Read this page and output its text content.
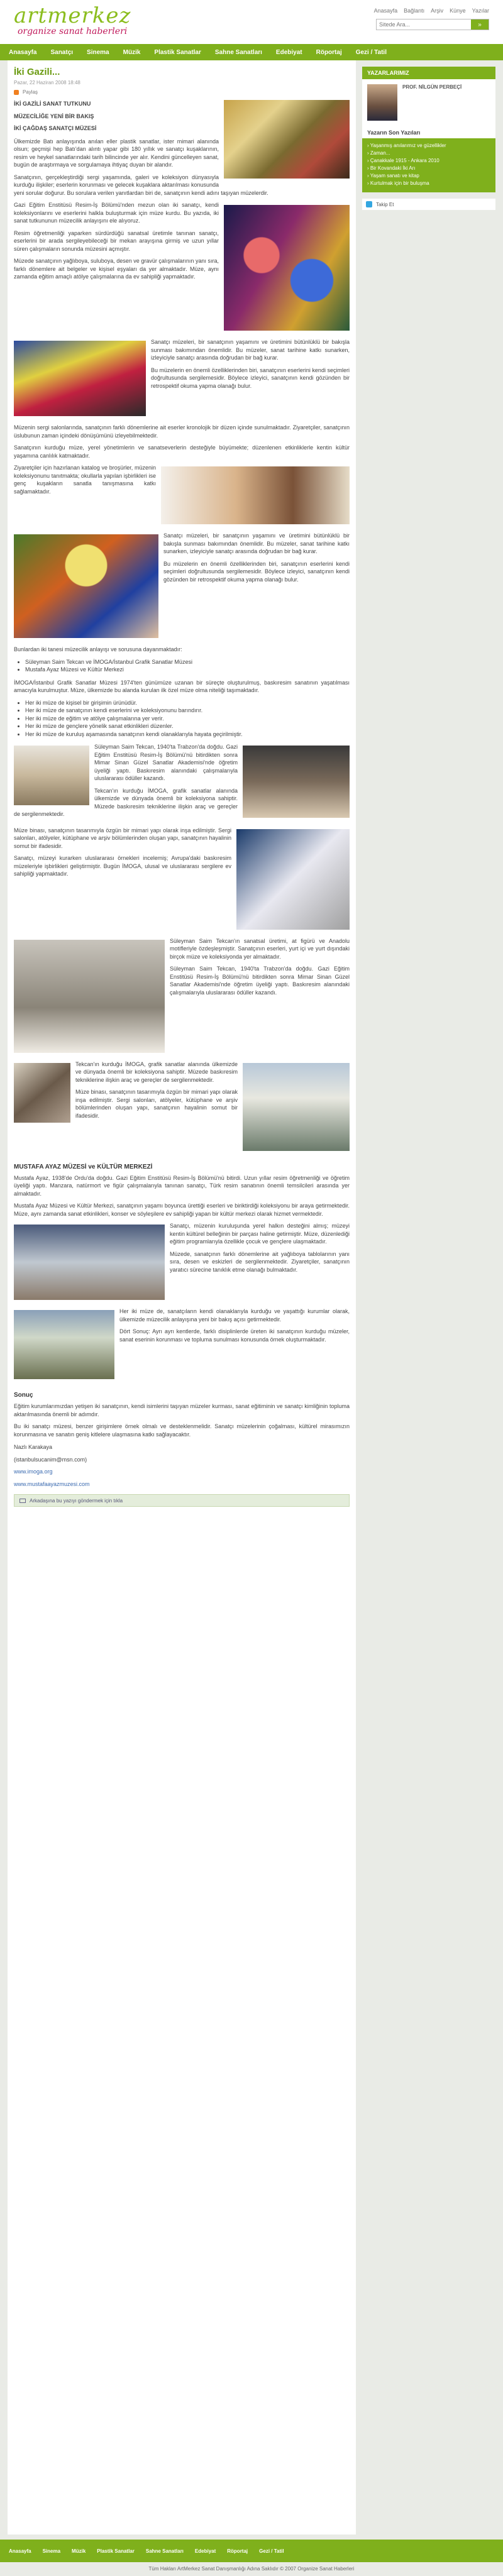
artmerkez
organize sanat haberleri
Anasayfa Bağlantı Arşiv Künye Yazılar
Sitede Ara...
»
Anasayfa Sanatçı Sinema Müzik Plastik Sanatlar Sahne Sanatları Edebiyat Röportaj Gezi / Tatil
İki Gazili...
Pazar, 22 Haziran 2008 18:48
Paylaş

İKİ GAZİLİ SANAT TUTKUNU

MÜZECİLİĞE YENİ BİR BAKIŞ

İKİ ÇAĞDAŞ SANATÇI MÜZESİ

Ülkemizde Batı anlayışında anılan eller plastik sanatlar, ister mimari alanında olsun; geçmişi hep Batı'dan alıntı yapar gibi 180 yıllık ve sanatçı kuşaklarının, resim ve heykel sanatlarındaki tarih bilincinde yer alır. Kendini güncelleyen sanat, bugün de araştırmaya ve sorgulamaya ihtiyaç duyan bir alandır.

Sanatçının, gerçekleştirdiği sergi yaşamında, galeri ve koleksiyon dünyasıyla kurduğu ilişkiler; eserlerin korunması ve gelecek kuşaklara aktarılması konusunda yeni sorular doğurur. Bu sorulara verilen yanıtlardan biri de, sanatçının kendi adını taşıyan müzelerdir.

Gazi Eğitim Enstitüsü Resim-İş Bölümü'nden mezun olan iki sanatçı, kendi koleksiyonlarını ve eserlerini halkla buluşturmak için müze kurdu. Bu yazıda, iki sanat tutkununun müzecilik anlayışını ele alıyoruz.

Resim öğretmenliği yaparken sürdürdüğü sanatsal üretimle tanınan sanatçı, eserlerini bir arada sergileyebileceği bir mekan arayışına girmiş ve uzun yıllar süren çalışmaların sonunda müzesini açmıştır.

Müzede sanatçının yağlıboya, suluboya, desen ve gravür çalışmalarının yanı sıra, farklı dönemlere ait belgeler ve kişisel eşyaları da yer almaktadır. Müze, aynı zamanda eğitim amaçlı atölye çalışmalarına da ev sahipliği yapmaktadır.

Sanatçı müzeleri, bir sanatçının yaşamını ve üretimini bütünlüklü bir bakışla sunması bakımından önemlidir. Bu müzeler, sanat tarihine katkı sunarken, izleyiciyle sanatçı arasında doğrudan bir bağ kurar.

Bu müzelerin en önemli özelliklerinden biri, sanatçının eserlerini kendi seçimleri doğrultusunda sergilemesidir. Böylece izleyici, sanatçının kendi gözünden bir retrospektif okuma yapma olanağı bulur.

Müzenin sergi salonlarında, sanatçının farklı dönemlerine ait eserler kronolojik bir düzen içinde sunulmaktadır. Ziyaretçiler, sanatçının üslubunun zaman içindeki dönüşümünü izleyebilmektedir.

Sanatçının kurduğu müze, yerel yönetimlerin ve sanatseverlerin desteğiyle büyümekte; düzenlenen etkinliklerle kentin kültür yaşamına canlılık katmaktadır.

Ziyaretçiler için hazırlanan katalog ve broşürler, müzenin koleksiyonunu tanıtmakta; okullarla yapılan işbirlikleri ise genç kuşakların sanatla tanışmasına katkı sağlamaktadır.

Sanatçı müzeleri, bir sanatçının yaşamını ve üretimini bütünlüklü bir bakışla sunması bakımından önemlidir. Bu müzeler, sanat tarihine katkı sunarken, izleyiciyle sanatçı arasında doğrudan bir bağ kurar.

Bu müzelerin en önemli özelliklerinden biri, sanatçının eserlerini kendi seçimleri doğrultusunda sergilemesidir. Böylece izleyici, sanatçının kendi gözünden bir retrospektif okuma yapma olanağı bulur.

Bunlardan iki tanesi müzecilik anlayışı ve sorusuna dayanmaktadır:

• Süleyman Saim Tekcan ve İMOGA/İstanbul Grafik Sanatlar Müzesi
• Mustafa Ayaz Müzesi ve Kültür Merkezi

İMOGA/İstanbul Grafik Sanatlar Müzesi 1974'ten günümüze uzanan bir süreçte oluşturulmuş, baskıresim sanatının yaşatılması amacıyla kurulmuştur. Müze, ülkemizde bu alanda kurulan ilk özel müze olma niteliği taşımaktadır.

• Her iki müze de kişisel bir girişimin ürünüdür.
• Her iki müze de sanatçının kendi eserlerini ve koleksiyonunu barındırır.
• Her iki müze de eğitim ve atölye çalışmalarına yer verir.
• Her iki müze de gençlere yönelik sanat etkinlikleri düzenler.
• Her iki müze de kuruluş aşamasında sanatçının kendi olanaklarıyla hayata geçirilmiştir.

Süleyman Saim Tekcan, 1940'ta Trabzon'da doğdu. Gazi Eğitim Enstitüsü Resim-İş Bölümü'nü bitirdikten sonra Mimar Sinan Güzel Sanatlar Akademisi'nde öğretim üyeliği yaptı. Baskıresim alanındaki çalışmalarıyla uluslararası ödüller kazandı.

Tekcan'ın kurduğu İMOGA, grafik sanatlar alanında ülkemizde ve dünyada önemli bir koleksiyona sahiptir. Müzede baskıresim tekniklerine ilişkin araç ve gereçler de sergilenmektedir.

Müze binası, sanatçının tasarımıyla özgün bir mimari yapı olarak inşa edilmiştir. Sergi salonları, atölyeler, kütüphane ve arşiv bölümlerinden oluşan yapı, sanatçının hayalinin somut bir ifadesidir.

Sanatçı, müzeyi kurarken uluslararası örnekleri incelemiş; Avrupa'daki baskıresim müzeleriyle işbirlikleri geliştirmiştir. Bugün İMOGA, ulusal ve uluslararası sergilere ev sahipliği yapmaktadır.

Süleyman Saim Tekcan'ın sanatsal üretimi, at figürü ve Anadolu motifleriyle özdeşleşmiştir. Sanatçının eserleri, yurt içi ve yurt dışındaki birçok müze ve koleksiyonda yer almaktadır.

Süleyman Saim Tekcan, 1940'ta Trabzon'da doğdu. Gazi Eğitim Enstitüsü Resim-İş Bölümü'nü bitirdikten sonra Mimar Sinan Güzel Sanatlar Akademisi'nde öğretim üyeliği yaptı. Baskıresim alanındaki çalışmalarıyla uluslararası ödüller kazandı.

Tekcan'ın kurduğu İMOGA, grafik sanatlar alanında ülkemizde ve dünyada önemli bir koleksiyona sahiptir. Müzede baskıresim tekniklerine ilişkin araç ve gereçler de sergilenmektedir.

Müze binası, sanatçının tasarımıyla özgün bir mimari yapı olarak inşa edilmiştir. Sergi salonları, atölyeler, kütüphane ve arşiv bölümlerinden oluşan yapı, sanatçının hayalinin somut bir ifadesidir.

MUSTAFA AYAZ MÜZESİ ve KÜLTÜR MERKEZİ

Mustafa Ayaz, 1938'de Ordu'da doğdu. Gazi Eğitim Enstitüsü Resim-İş Bölümü'nü bitirdi. Uzun yıllar resim öğretmenliği ve öğretim üyeliği yaptı. Manzara, natürmort ve figür çalışmalarıyla tanınan sanatçı, Türk resim sanatının önemli temsilcileri arasında yer almaktadır.

Mustafa Ayaz Müzesi ve Kültür Merkezi, sanatçının yaşamı boyunca ürettiği eserleri ve biriktirdiği koleksiyonu bir araya getirmektedir. Müze, aynı zamanda sanat etkinlikleri, konser ve söyleşilere ev sahipliği yapan bir kültür merkezi olarak hizmet vermektedir.

Sanatçı, müzenin kuruluşunda yerel halkın desteğini almış; müzeyi kentin kültürel belleğinin bir parçası haline getirmiştir. Müze, düzenlediği eğitim programlarıyla özellikle çocuk ve gençlere ulaşmaktadır.

Müzede, sanatçının farklı dönemlerine ait yağlıboya tablolarının yanı sıra, desen ve eskizleri de sergilenmektedir. Ziyaretçiler, sanatçının yaratıcı sürecine tanıklık etme olanağı bulmaktadır.

Her iki müze de, sanatçıların kendi olanaklarıyla kurduğu ve yaşattığı kurumlar olarak, ülkemizde müzecilik anlayışına yeni bir bakış açısı getirmektedir.

Dört Sonuç: Ayrı ayrı kentlerde, farklı disiplinlerde üreten iki sanatçının kurduğu müzeler, sanat eserinin korunması ve topluma sunulması konusunda örnek oluşturmaktadır.

Sonuç

Eğitim kurumlarımızdan yetişen iki sanatçının, kendi isimlerini taşıyan müzeler kurması, sanat eğitiminin ve sanatçı kimliğinin topluma aktarılmasında önemli bir adımdır.

Bu iki sanatçı müzesi, benzer girişimlere örnek olmalı ve desteklenmelidir. Sanatçı müzelerinin çoğalması, kültürel mirasımızın korunmasına ve sanatın geniş kitlelere ulaşmasına katkı sağlayacaktır.

Nazlı Karakaya

(istanbulsucanim@msn.com)

www.imoga.org

www.mustafaayazmuzesi.com

Arkadaşına bu yazıyı göndermek için tıkla
YAZARLARIMIZ
PROF. NİLGÜN PERBEÇİ
Yazarın Son Yazıları
› Yaşanmış anılarımız ve güzellikler
› Zaman...
› Çanakkale 1915 - Ankara 2010
› Bir Kovandaki İki Arı
› Yaşam sanatı ve kitap
› Kurtulmak için bir buluşma
Takip Et
Anasayfa Sinema Müzik Plastik Sanatlar Sahne Sanatları Edebiyat Röportaj Gezi / Tatil
Tüm Hakları ArtMerkez Sanat Danışmanlığı Adına Saklıdır © 2007 Organize Sanat Haberleri
